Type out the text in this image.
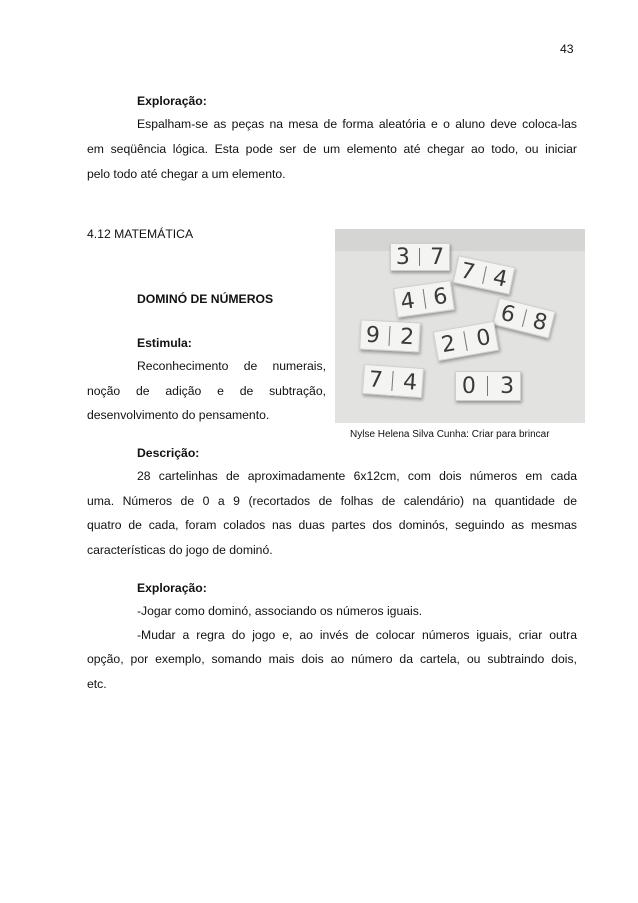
43
Exploração:
Espalham-se as peças na mesa de forma aleatória e o aluno deve coloca-las
em seqüência lógica. Esta pode ser de um elemento até chegar ao todo, ou iniciar
pelo todo até chegar a um elemento.
4.12 MATEMÁTICA
3 7
7 4
4 6
6 8
9 2 2 0
7 4 0 3
Nylse Helena Silva Cunha: Criar para brincar
DOMINÓ DE NÚMEROS
Estimula:
Reconhecimento de numerais,
noção de adição e de subtração,
desenvolvimento do pensamento.
Descrição:
28 cartelinhas de aproximadamente 6x12cm, com dois números em cada
uma. Números de 0 a 9 (recortados de folhas de calendário) na quantidade de
quatro de cada, foram colados nas duas partes dos dominós, seguindo as mesmas
características do jogo de dominó.
Exploração:
-Jogar como dominó, associando os números iguais.
-Mudar a regra do jogo e, ao invés de colocar números iguais, criar outra
opção, por exemplo, somando mais dois ao número da cartela, ou subtraindo dois,
etc.
